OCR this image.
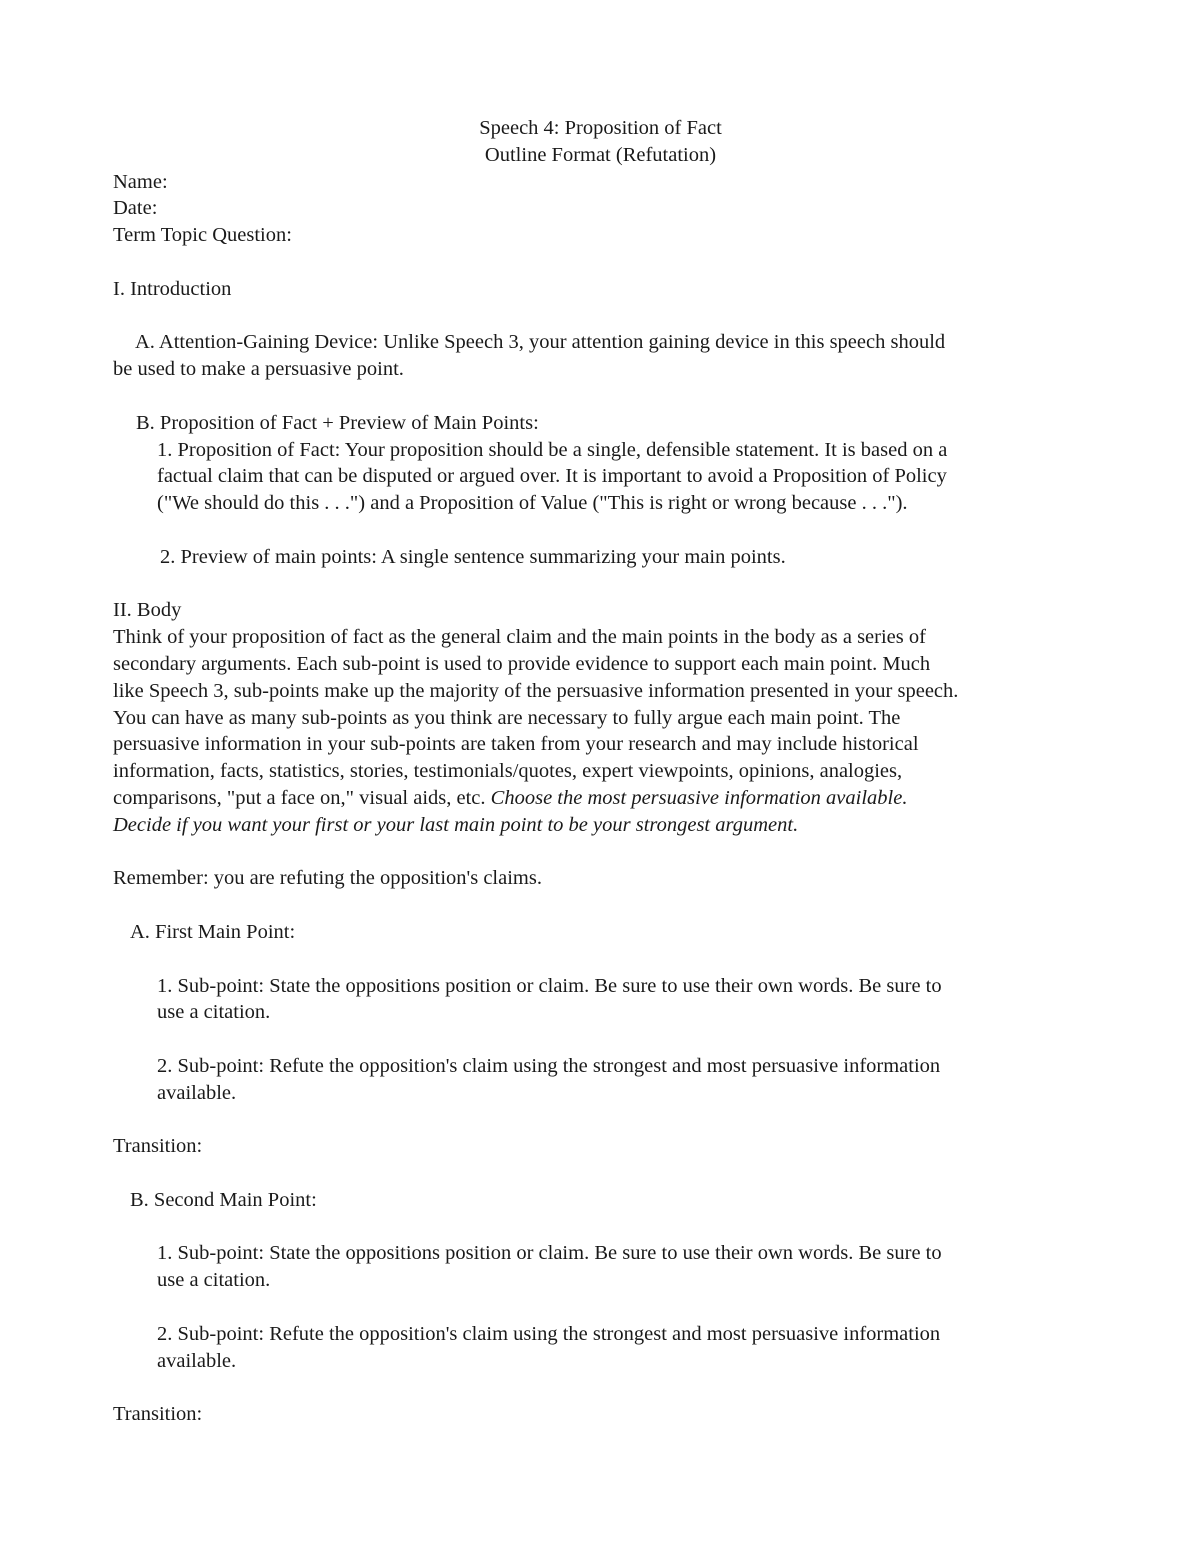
Speech 4: Proposition of Fact
Outline Format (Refutation)
Name:
Date:
Term Topic Question:
I. Introduction
A. Attention-Gaining Device: Unlike Speech 3, your attention gaining device in this speech should
be used to make a persuasive point.
B. Proposition of Fact + Preview of Main Points:
1. Proposition of Fact: Your proposition should be a single, defensible statement. It is based on a
factual claim that can be disputed or argued over. It is important to avoid a Proposition of Policy
("We should do this . . .") and a Proposition of Value ("This is right or wrong because . . .").
2. Preview of main points: A single sentence summarizing your main points.
II. Body
Think of your proposition of fact as the general claim and the main points in the body as a series of
secondary arguments. Each sub-point is used to provide evidence to support each main point. Much
like Speech 3, sub-points make up the majority of the persuasive information presented in your speech.
You can have as many sub-points as you think are necessary to fully argue each main point. The
persuasive information in your sub-points are taken from your research and may include historical
information, facts, statistics, stories, testimonials/quotes, expert viewpoints, opinions, analogies,
comparisons, "put a face on," visual aids, etc. Choose the most persuasive information available.
Decide if you want your first or your last main point to be your strongest argument.
Remember: you are refuting the opposition's claims.
A. First Main Point:
1. Sub-point: State the oppositions position or claim. Be sure to use their own words. Be sure to
use a citation.
2. Sub-point: Refute the opposition's claim using the strongest and most persuasive information
available.
Transition:
B. Second Main Point:
1. Sub-point: State the oppositions position or claim. Be sure to use their own words. Be sure to
use a citation.
2. Sub-point: Refute the opposition's claim using the strongest and most persuasive information
available.
Transition:
